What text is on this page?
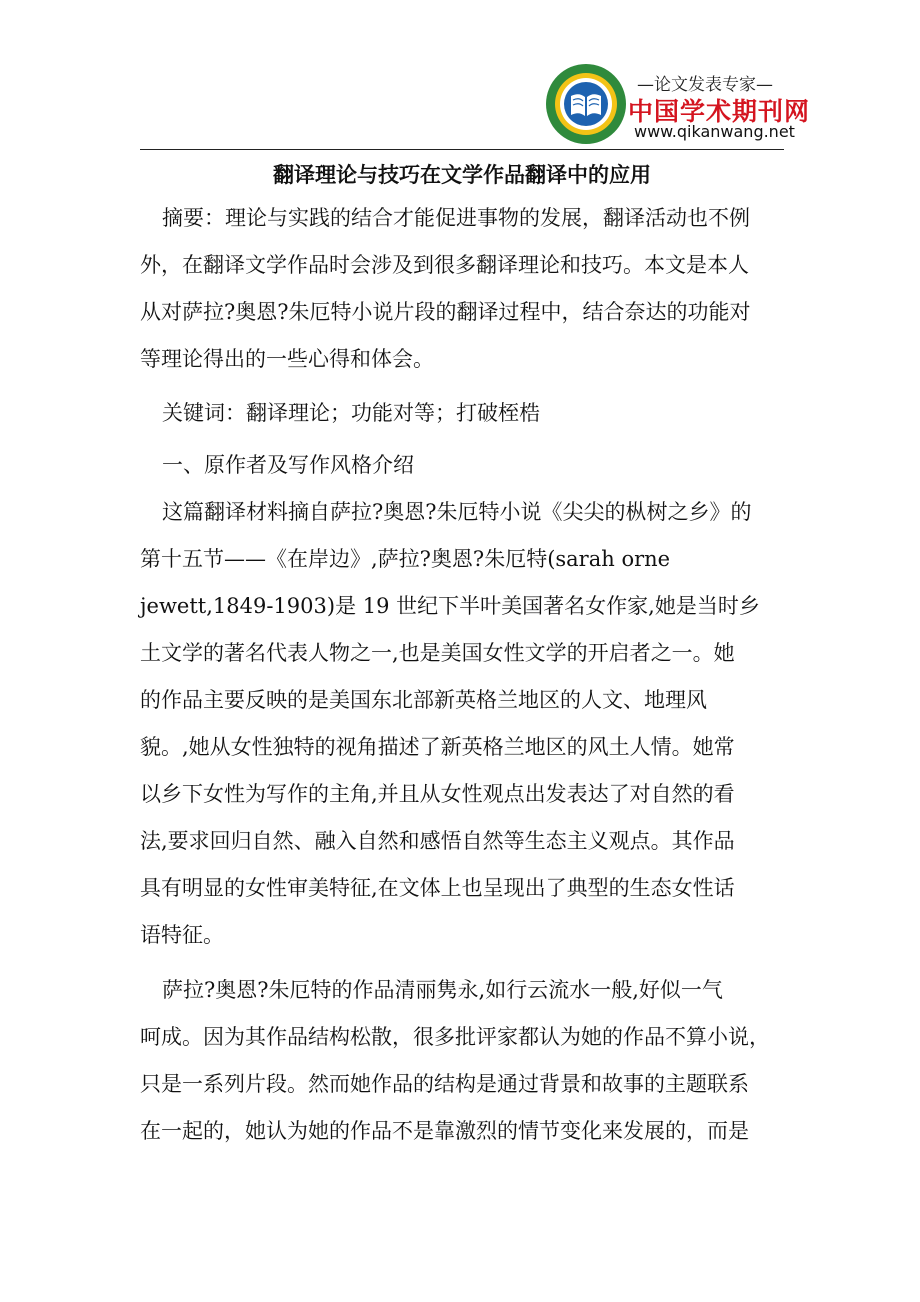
—论文发表专家—
中国学术期刊网
www.qikanwang.net
翻译理论与技巧在文学作品翻译中的应用
摘要：理论与实践的结合才能促进事物的发展，翻译活动也不例
外，在翻译文学作品时会涉及到很多翻译理论和技巧。本文是本人
从对萨拉?奥恩?朱厄特小说片段的翻译过程中，结合奈达的功能对
等理论得出的一些心得和体会。
关键词：翻译理论；功能对等；打破桎梏
一、原作者及写作风格介绍
这篇翻译材料摘自萨拉?奥恩?朱厄特小说《尖尖的枞树之乡》的
第十五节——《在岸边》,萨拉?奥恩?朱厄特(sarah orne
jewett,1849-1903)是 19 世纪下半叶美国著名女作家,她是当时乡
土文学的著名代表人物之一,也是美国女性文学的开启者之一。她
的作品主要反映的是美国东北部新英格兰地区的人文、地理风
貌。,她从女性独特的视角描述了新英格兰地区的风土人情。她常
以乡下女性为写作的主角,并且从女性观点出发表达了对自然的看
法,要求回归自然、融入自然和感悟自然等生态主义观点。其作品
具有明显的女性审美特征,在文体上也呈现出了典型的生态女性话
语特征。
萨拉?奥恩?朱厄特的作品清丽隽永,如行云流水一般,好似一气
呵成。因为其作品结构松散，很多批评家都认为她的作品不算小说，
只是一系列片段。然而她作品的结构是通过背景和故事的主题联系
在一起的，她认为她的作品不是靠激烈的情节变化来发展的，而是
